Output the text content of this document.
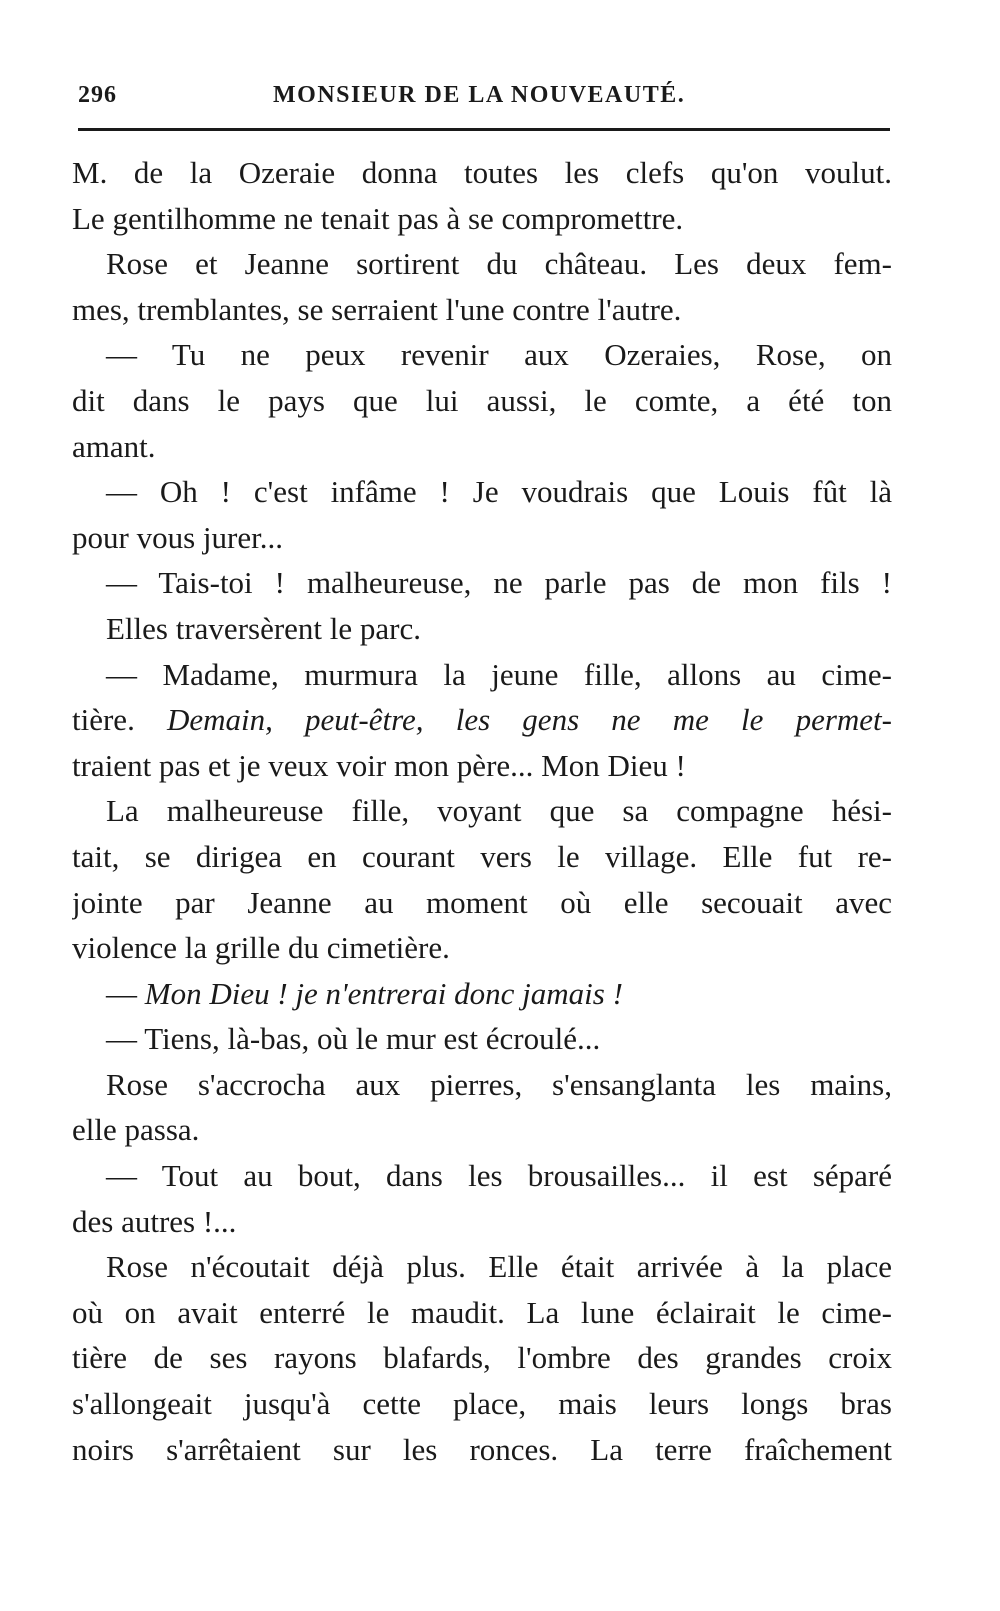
296	MONSIEUR DE LA NOUVEAUTÉ.
M. de la Ozeraie donna toutes les clefs qu'on voulut.
Le gentilhomme ne tenait pas à se compromettre.
Rose et Jeanne sortirent du château. Les deux fem-
mes, tremblantes, se serraient l'une contre l'autre.
— Tu ne peux revenir aux Ozeraies, Rose, on
dit dans le pays que lui aussi, le comte, a été ton
amant.
— Oh ! c'est infâme ! Je voudrais que Louis fût là
pour vous jurer...
— Tais-toi ! malheureuse, ne parle pas de mon fils !
Elles traversèrent le parc.
— Madame, murmura la jeune fille, allons au cime-
tière. Demain, peut-être, les gens ne me le permet-
traient pas et je veux voir mon père... Mon Dieu !
La malheureuse fille, voyant que sa compagne hési-
tait, se dirigea en courant vers le village. Elle fut re-
jointe par Jeanne au moment où elle secouait avec
violence la grille du cimetière.
— Mon Dieu ! je n'entrerai donc jamais !
— Tiens, là-bas, où le mur est écroulé...
Rose s'accrocha aux pierres, s'ensanglanta les mains,
elle passa.
— Tout au bout, dans les brousailles... il est séparé
des autres !...
Rose n'écoutait déjà plus. Elle était arrivée à la place
où on avait enterré le maudit. La lune éclairait le cime-
tière de ses rayons blafards, l'ombre des grandes croix
s'allongeait jusqu'à cette place, mais leurs longs bras
noirs s'arrêtaient sur les ronces. La terre fraîchement
